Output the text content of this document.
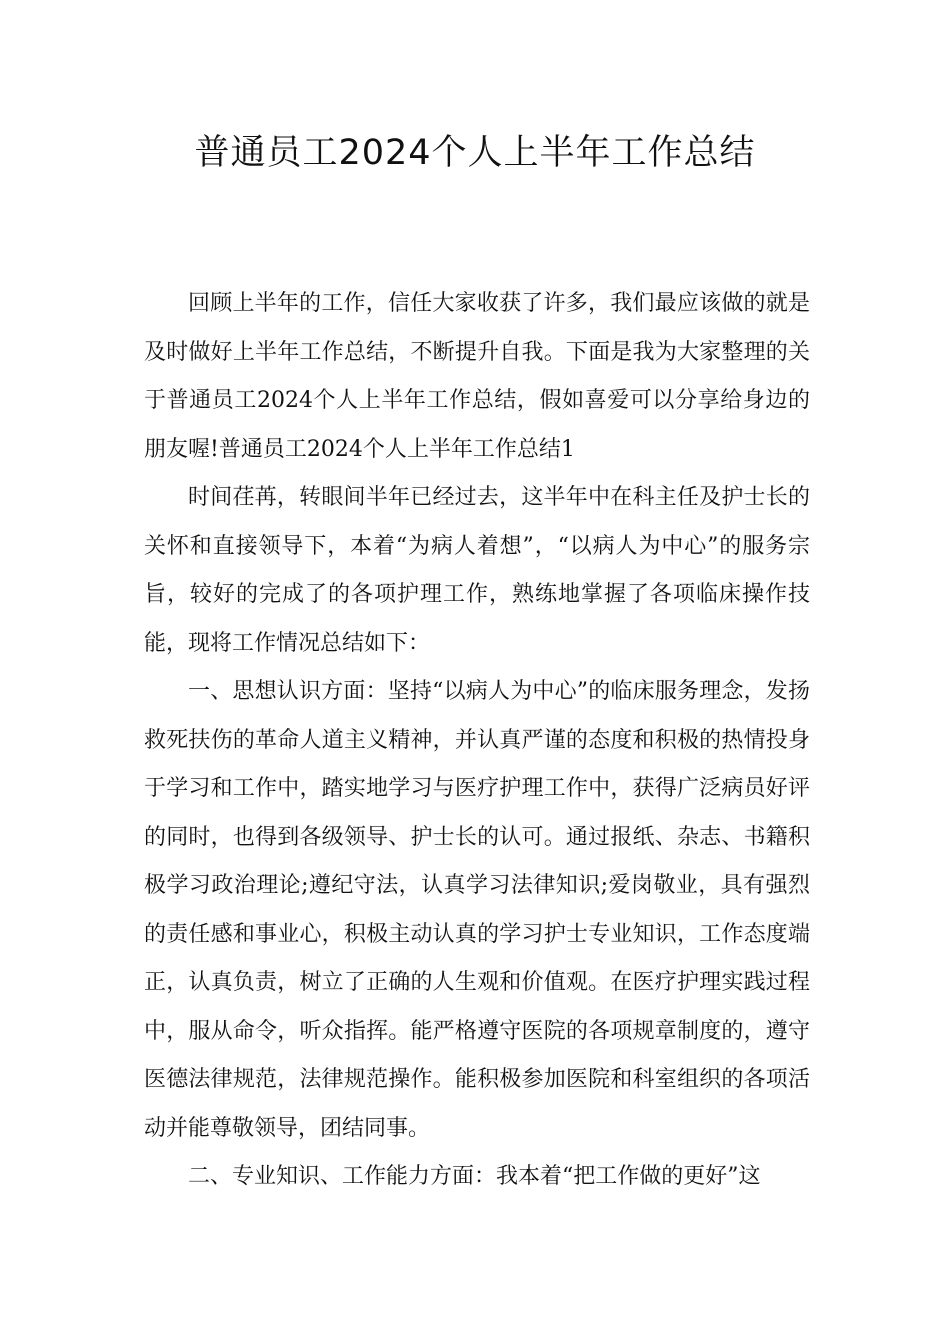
普通员工2024个人上半年工作总结

回顾上半年的工作，信任大家收获了许多，我们最应该做的就是及时做好上半年工作总结，不断提升自我。下面是我为大家整理的关于普通员工2024个人上半年工作总结，假如喜爱可以分享给身边的朋友喔!普通员工2024个人上半年工作总结1

时间荏苒，转眼间半年已经过去，这半年中在科主任及护士长的关怀和直接领导下，本着“为病人着想”，“以病人为中心”的服务宗旨，较好的完成了的各项护理工作，熟练地掌握了各项临床操作技能，现将工作情况总结如下：

一、思想认识方面：坚持“以病人为中心”的临床服务理念，发扬救死扶伤的革命人道主义精神，并认真严谨的态度和积极的热情投身于学习和工作中，踏实地学习与医疗护理工作中，获得广泛病员好评的同时，也得到各级领导、护士长的认可。通过报纸、杂志、书籍积极学习政治理论;遵纪守法，认真学习法律知识;爱岗敬业，具有强烈的责任感和事业心，积极主动认真的学习护士专业知识，工作态度端正，认真负责，树立了正确的人生观和价值观。在医疗护理实践过程中，服从命令，听众指挥。能严格遵守医院的各项规章制度的，遵守医德法律规范，法律规范操作。能积极参加医院和科室组织的各项活动并能尊敬领导，团结同事。

二、专业知识、工作能力方面：我本着“把工作做的更好”这
